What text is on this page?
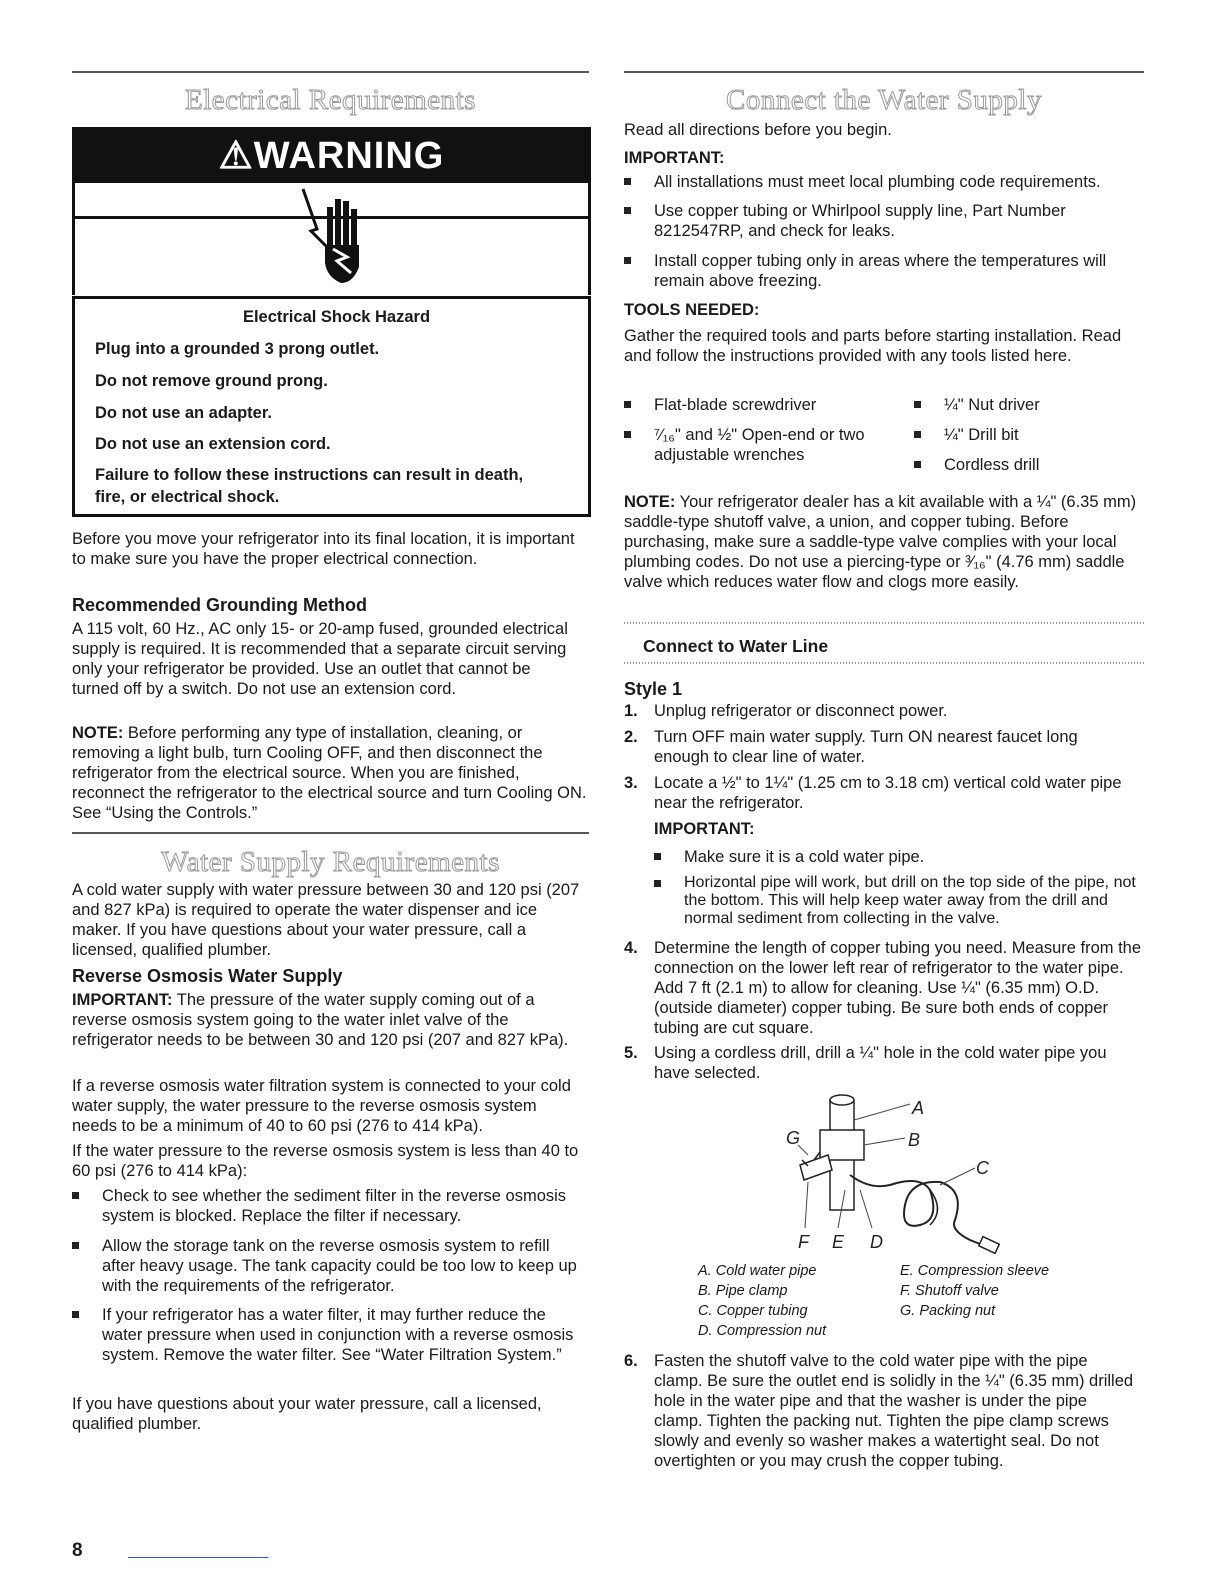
Electrical Requirements
⚠WARNING
Electrical Shock Hazard
Plug into a grounded 3 prong outlet.
Do not remove ground prong.
Do not use an adapter.
Do not use an extension cord.
Failure to follow these instructions can result in death,
fire, or electrical shock.

Before you move your refrigerator into its final location, it is important to make sure you have the proper electrical connection.

Recommended Grounding Method

A 115 volt, 60 Hz., AC only 15- or 20-amp fused, grounded electrical supply is required. It is recommended that a separate circuit serving only your refrigerator be provided. Use an outlet that cannot be turned off by a switch. Do not use an extension cord.

NOTE: Before performing any type of installation, cleaning, or removing a light bulb, turn Cooling OFF, and then disconnect the refrigerator from the electrical source. When you are finished, reconnect the refrigerator to the electrical source and turn Cooling ON. See “Using the Controls.”

Water Supply Requirements

A cold water supply with water pressure between 30 and 120 psi (207 and 827 kPa) is required to operate the water dispenser and ice maker. If you have questions about your water pressure, call a licensed, qualified plumber.

Reverse Osmosis Water Supply

IMPORTANT: The pressure of the water supply coming out of a reverse osmosis system going to the water inlet valve of the refrigerator needs to be between 30 and 120 psi (207 and 827 kPa).

If a reverse osmosis water filtration system is connected to your cold water supply, the water pressure to the reverse osmosis system needs to be a minimum of 40 to 60 psi (276 to 414 kPa).

If the water pressure to the reverse osmosis system is less than 40 to 60 psi (276 to 414 kPa):

Check to see whether the sediment filter in the reverse osmosis system is blocked. Replace the filter if necessary.
Allow the storage tank on the reverse osmosis system to refill after heavy usage. The tank capacity could be too low to keep up with the requirements of the refrigerator.
If your refrigerator has a water filter, it may further reduce the water pressure when used in conjunction with a reverse osmosis system. Remove the water filter. See “Water Filtration System.”

If you have questions about your water pressure, call a licensed, qualified plumber.

Connect the Water Supply

Read all directions before you begin.

IMPORTANT:

All installations must meet local plumbing code requirements.
Use copper tubing or Whirlpool supply line, Part Number 8212547RP, and check for leaks.
Install copper tubing only in areas where the temperatures will remain above freezing.

TOOLS NEEDED:

Gather the required tools and parts before starting installation. Read and follow the instructions provided with any tools listed here.

Flat-blade screwdriver
⁷⁄₁₆" and ½" Open-end or two adjustable wrenches
¼" Nut driver
¼" Drill bit
Cordless drill

NOTE: Your refrigerator dealer has a kit available with a ¼" (6.35 mm) saddle-type shutoff valve, a union, and copper tubing. Before purchasing, make sure a saddle-type valve complies with your local plumbing codes. Do not use a piercing-type or ³⁄₁₆" (4.76 mm) saddle valve which reduces water flow and clogs more easily.

Connect to Water Line

Style 1

1. Unplug refrigerator or disconnect power.
2. Turn OFF main water supply. Turn ON nearest faucet long enough to clear line of water.
3. Locate a ½" to 1¼" (1.25 cm to 3.18 cm) vertical cold water pipe near the refrigerator.

IMPORTANT:

Make sure it is a cold water pipe.
Horizontal pipe will work, but drill on the top side of the pipe, not the bottom. This will help keep water away from the drill and normal sediment from collecting in the valve.
4. Determine the length of copper tubing you need. Measure from the connection on the lower left rear of refrigerator to the water pipe. Add 7 ft (2.1 m) to allow for cleaning. Use ¼" (6.35 mm) O.D. (outside diameter) copper tubing. Be sure both ends of copper tubing are cut square.
5. Using a cordless drill, drill a ¼" hole in the cold water pipe you have selected.
A
B
C
D
E
F
G
A. Cold water pipe
B. Pipe clamp
C. Copper tubing
D. Compression nut
E. Compression sleeve
F. Shutoff valve
G. Packing nut
6. Fasten the shutoff valve to the cold water pipe with the pipe clamp. Be sure the outlet end is solidly in the ¼" (6.35 mm) drilled hole in the water pipe and that the washer is under the pipe clamp. Tighten the packing nut. Tighten the pipe clamp screws slowly and evenly so washer makes a watertight seal. Do not overtighten or you may crush the copper tubing.
8
